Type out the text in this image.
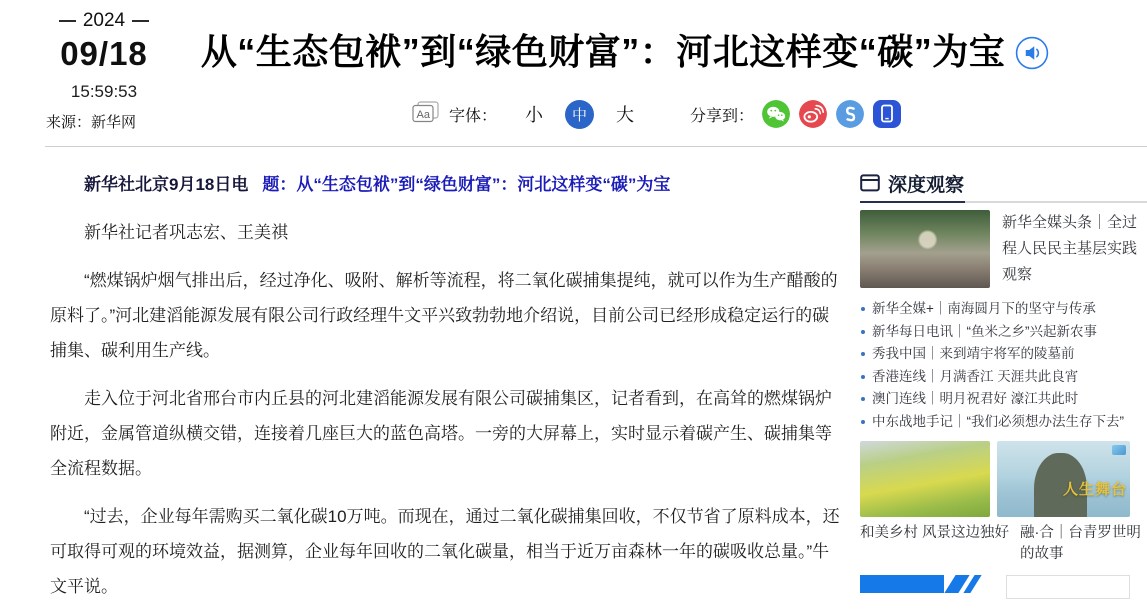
2024
09/18
15:59:53
来源：新华网
从“生态包袱”到“绿色财富”：河北这样变“碳”为宝
Aa 字体： 小	中	大	分享到：

新华社北京9月18日电 题：从“生态包袱”到“绿色财富”：河北这样变“碳”为宝

新华社记者巩志宏、王美祺

“燃煤锅炉烟气排出后，经过净化、吸附、解析等流程，将二氧化碳捕集提纯，就可以作为生产醋酸的原料了。”河北建滔能源发展有限公司行政经理牛文平兴致勃勃地介绍说，目前公司已经形成稳定运行的碳捕集、碳利用生产线。

走入位于河北省邢台市内丘县的河北建滔能源发展有限公司碳捕集区，记者看到，在高耸的燃煤锅炉附近，金属管道纵横交错，连接着几座巨大的蓝色高塔。一旁的大屏幕上，实时显示着碳产生、碳捕集等全流程数据。

“过去，企业每年需购买二氧化碳10万吨。而现在，通过二氧化碳捕集回收，不仅节省了原料成本，还可取得可观的环境效益，据测算，企业每年回收的二氧化碳量，相当于近万亩森林一年的碳吸收总量。”牛文平说。

深度观察
新华全媒头条｜全过程人民民主基层实践观察
新华全媒+｜南海圆月下的坚守与传承
新华每日电讯｜“鱼米之乡”兴起新农事
秀我中国｜来到靖宇将军的陵墓前
香港连线｜月满香江 天涯共此良宵
澳门连线｜明月祝君好 濠江共此时
中东战地手记｜“我们必须想办法生存下去”
人生舞台
和美乡村 风景这边独好 融·合｜台青罗世明的故事
